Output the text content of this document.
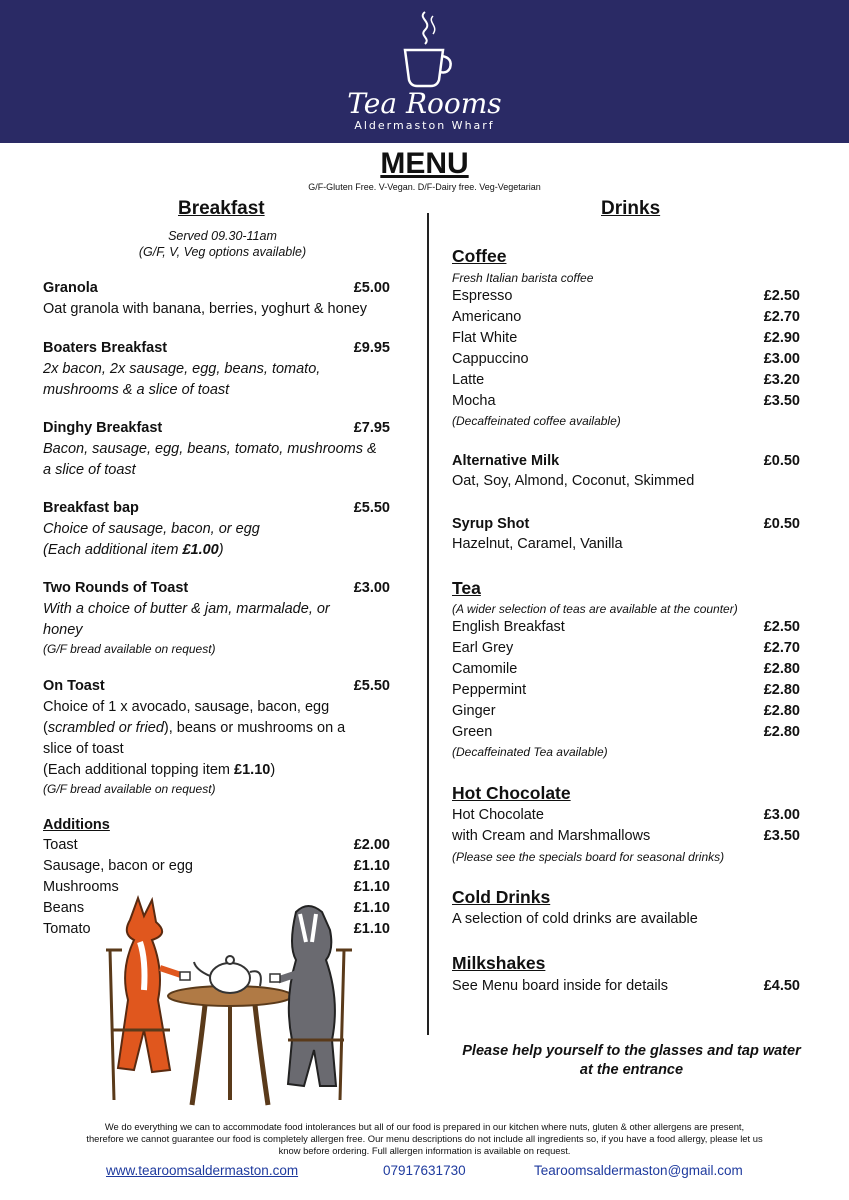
Tea Rooms
Aldermaston Wharf
MENU
G/F-Gluten Free. V-Vegan. D/F-Dairy free. Veg-Vegetarian
Breakfast
Served 09.30-11am
(G/F, V, Veg options available)
Granola	£5.00
Oat granola with banana, berries, yoghurt & honey
Boaters Breakfast	£9.95
2x bacon, 2x sausage, egg, beans, tomato,
mushrooms & a slice of toast
Dinghy Breakfast	£7.95
Bacon, sausage, egg, beans, tomato, mushrooms &
a slice of toast
Breakfast bap	£5.50
Choice of sausage, bacon, or egg
(Each additional item £1.00)
Two Rounds of Toast	£3.00
With a choice of butter & jam, marmalade, or
honey
(G/F bread available on request)
On Toast	£5.50
Choice of 1 x avocado, sausage, bacon, egg
(scrambled or fried), beans or mushrooms on a
slice of toast
(Each additional topping item £1.10)
(G/F bread available on request)
Additions
Toast	£2.00
Sausage, bacon or egg	£1.10
Mushrooms	£1.10
Beans	£1.10
Tomato	£1.10
Drinks
Coffee
Fresh Italian barista coffee
Espresso	£2.50
Americano	£2.70
Flat White	£2.90
Cappuccino	£3.00
Latte	£3.20
Mocha	£3.50
(Decaffeinated coffee available)
Alternative Milk	£0.50
Oat, Soy, Almond, Coconut, Skimmed
Syrup Shot	£0.50
Hazelnut, Caramel, Vanilla
Tea
(A wider selection of teas are available at the counter)
English Breakfast	£2.50
Earl Grey	£2.70
Camomile	£2.80
Peppermint	£2.80
Ginger	£2.80
Green	£2.80
(Decaffeinated Tea available)
Hot Chocolate
Hot Chocolate	£3.00
with Cream and Marshmallows	£3.50
(Please see the specials board for seasonal drinks)
Cold Drinks
A selection of cold drinks are available
Milkshakes
See Menu board inside for details	£4.50
Please help yourself to the glasses and tap water
at the entrance
We do everything we can to accommodate food intolerances but all of our food is prepared in our kitchen where nuts, gluten & other allergens are present,
therefore we cannot guarantee our food is completely allergen free. Our menu descriptions do not include all ingredients so, if you have a food allergy, please let us
know before ordering. Full allergen information is available on request.
www.tearoomsaldermaston.com	07917631730	Tearoomsaldermaston@gmail.com
